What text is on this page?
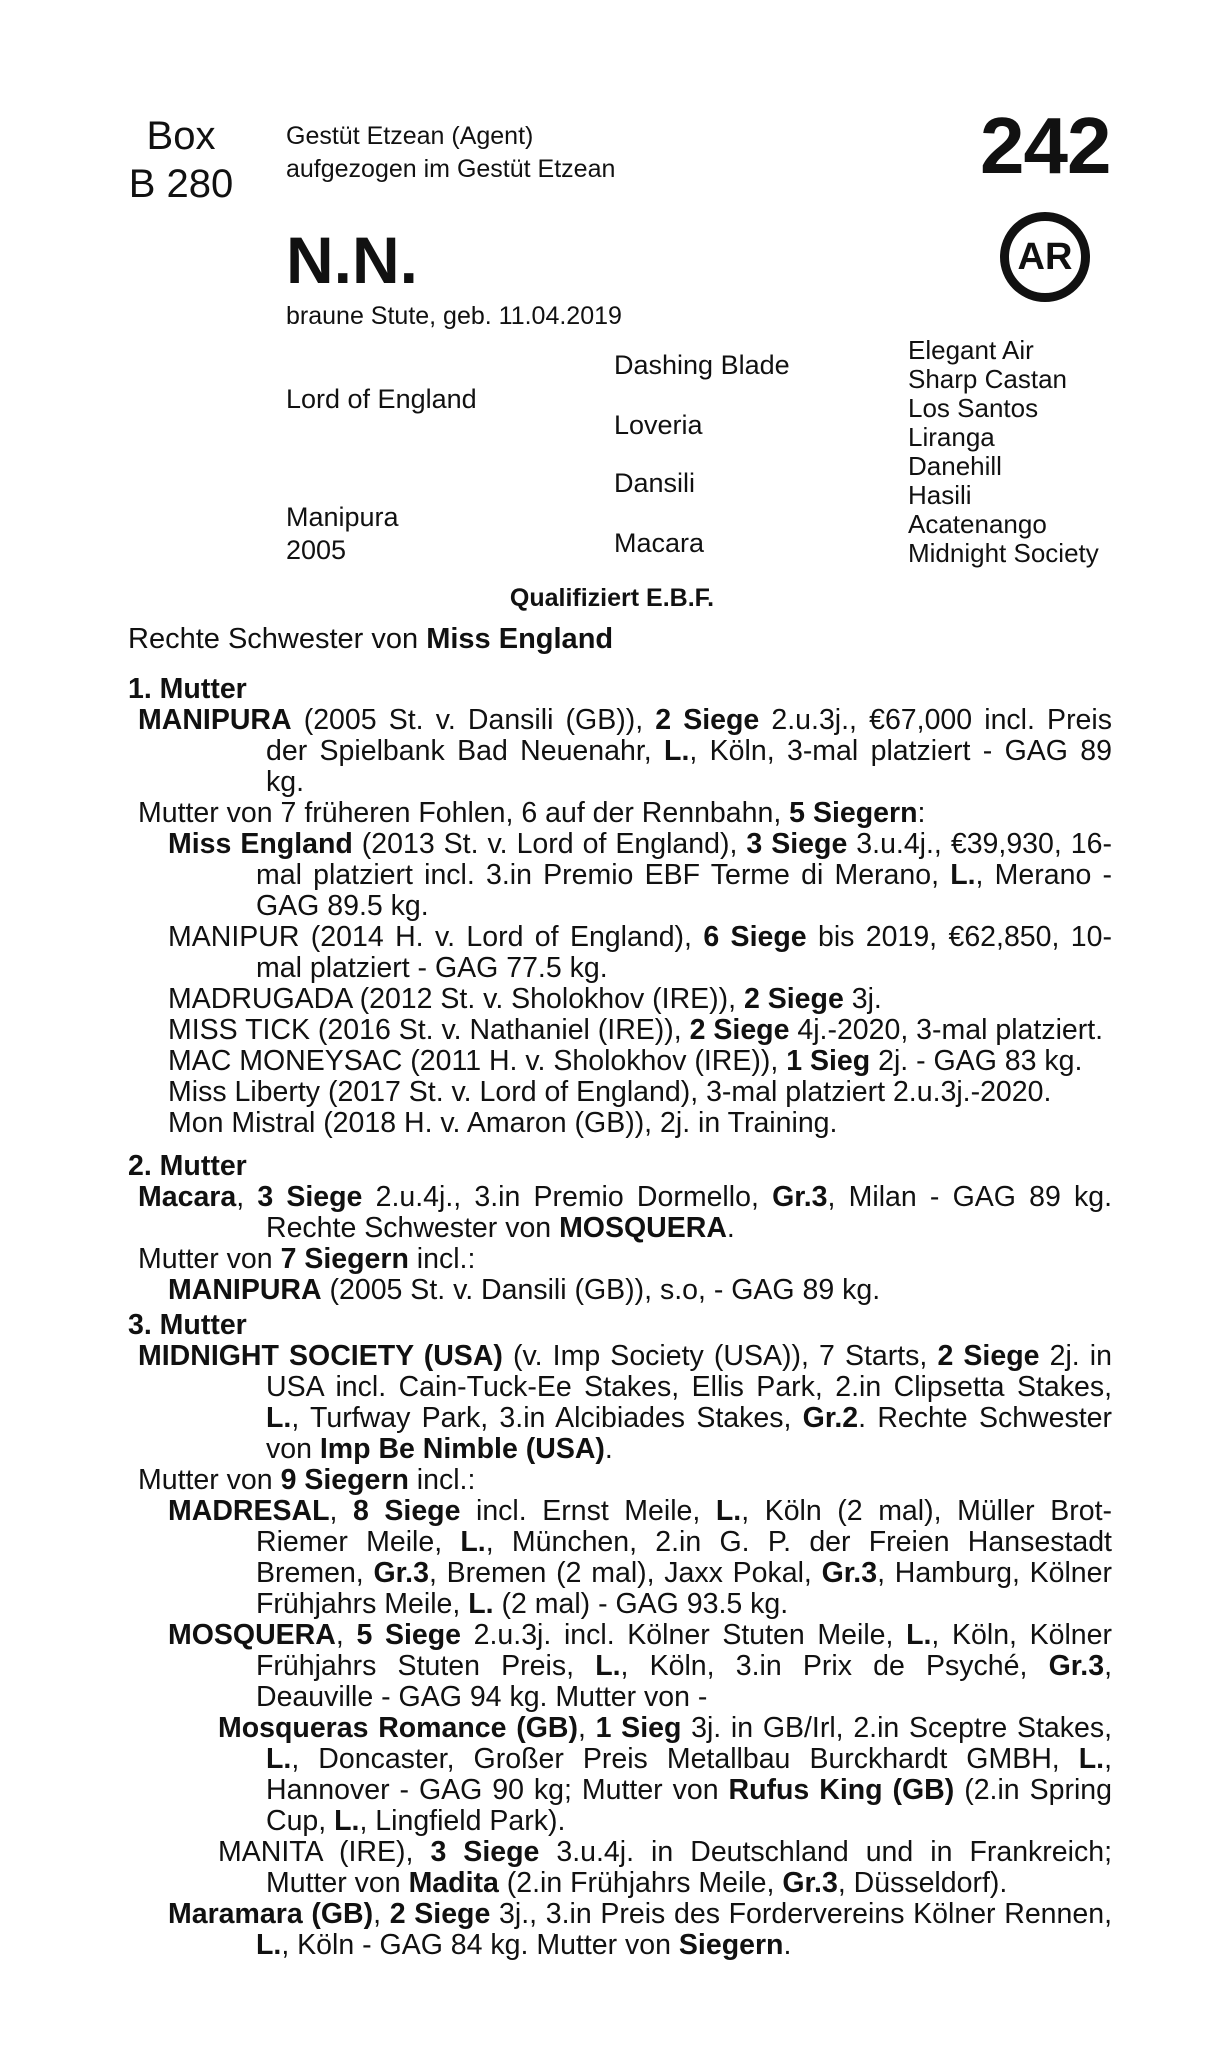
Box
B 280
Gestüt Etzean (Agent)
aufgezogen im Gestüt Etzean	242
AR
N.N.
braune Stute, geb. 11.04.2019
Lord of England
Manipura
2005
Dashing Blade
Loveria
Dansili
Macara
Elegant Air
Sharp Castan
Los Santos
Liranga
Danehill
Hasili
Acatenango
Midnight Society
Qualifiziert E.B.F.
Rechte Schwester von Miss England
1. Mutter
MANIPURA (2005 St. v. Dansili (GB)), 2 Siege 2.u.3j., €67,000 incl. Preis der Spielbank Bad Neuenahr, L., Köln, 3-mal platziert - GAG 89 kg.
Mutter von 7 früheren Fohlen, 6 auf der Rennbahn, 5 Siegern:
Miss England (2013 St. v. Lord of England), 3 Siege 3.u.4j., €39,930, 16-mal platziert incl. 3.in Premio EBF Terme di Merano, L., Merano - GAG 89.5 kg.
MANIPUR (2014 H. v. Lord of England), 6 Siege bis 2019, €62,850, 10-mal platziert - GAG 77.5 kg.
MADRUGADA (2012 St. v. Sholokhov (IRE)), 2 Siege 3j.
MISS TICK (2016 St. v. Nathaniel (IRE)), 2 Siege 4j.-2020, 3-mal platziert.
MAC MONEYSAC (2011 H. v. Sholokhov (IRE)), 1 Sieg 2j. - GAG 83 kg.
Miss Liberty (2017 St. v. Lord of England), 3-mal platziert 2.u.3j.-2020.
Mon Mistral (2018 H. v. Amaron (GB)), 2j. in Training.
2. Mutter
Macara, 3 Siege 2.u.4j., 3.in Premio Dormello, Gr.3, Milan - GAG 89 kg. Rechte Schwester von MOSQUERA.
Mutter von 7 Siegern incl.:
MANIPURA (2005 St. v. Dansili (GB)), s.o, - GAG 89 kg.
3. Mutter
MIDNIGHT SOCIETY (USA) (v. Imp Society (USA)), 7 Starts, 2 Siege 2j. in USA incl. Cain-Tuck-Ee Stakes, Ellis Park, 2.in Clipsetta Stakes, L., Turfway Park, 3.in Alcibiades Stakes, Gr.2. Rechte Schwester von Imp Be Nimble (USA).
Mutter von 9 Siegern incl.:
MADRESAL, 8 Siege incl. Ernst Meile, L., Köln (2 mal), Müller Brot-Riemer Meile, L., München, 2.in G. P. der Freien Hansestadt Bremen, Gr.3, Bremen (2 mal), Jaxx Pokal, Gr.3, Hamburg, Kölner Frühjahrs Meile, L. (2 mal) - GAG 93.5 kg.
MOSQUERA, 5 Siege 2.u.3j. incl. Kölner Stuten Meile, L., Köln, Kölner Frühjahrs Stuten Preis, L., Köln, 3.in Prix de Psyché, Gr.3, Deauville - GAG 94 kg. Mutter von -
Mosqueras Romance (GB), 1 Sieg 3j. in GB/Irl, 2.in Sceptre Stakes, L., Doncaster, Großer Preis Metallbau Burckhardt GMBH, L., Hannover - GAG 90 kg; Mutter von Rufus King (GB) (2.in Spring Cup, L., Lingfield Park).
MANITA (IRE), 3 Siege 3.u.4j. in Deutschland und in Frankreich; Mutter von Madita (2.in Frühjahrs Meile, Gr.3, Düsseldorf).
Maramara (GB), 2 Siege 3j., 3.in Preis des Fordervereins Kölner Rennen, L., Köln - GAG 84 kg. Mutter von Siegern.
